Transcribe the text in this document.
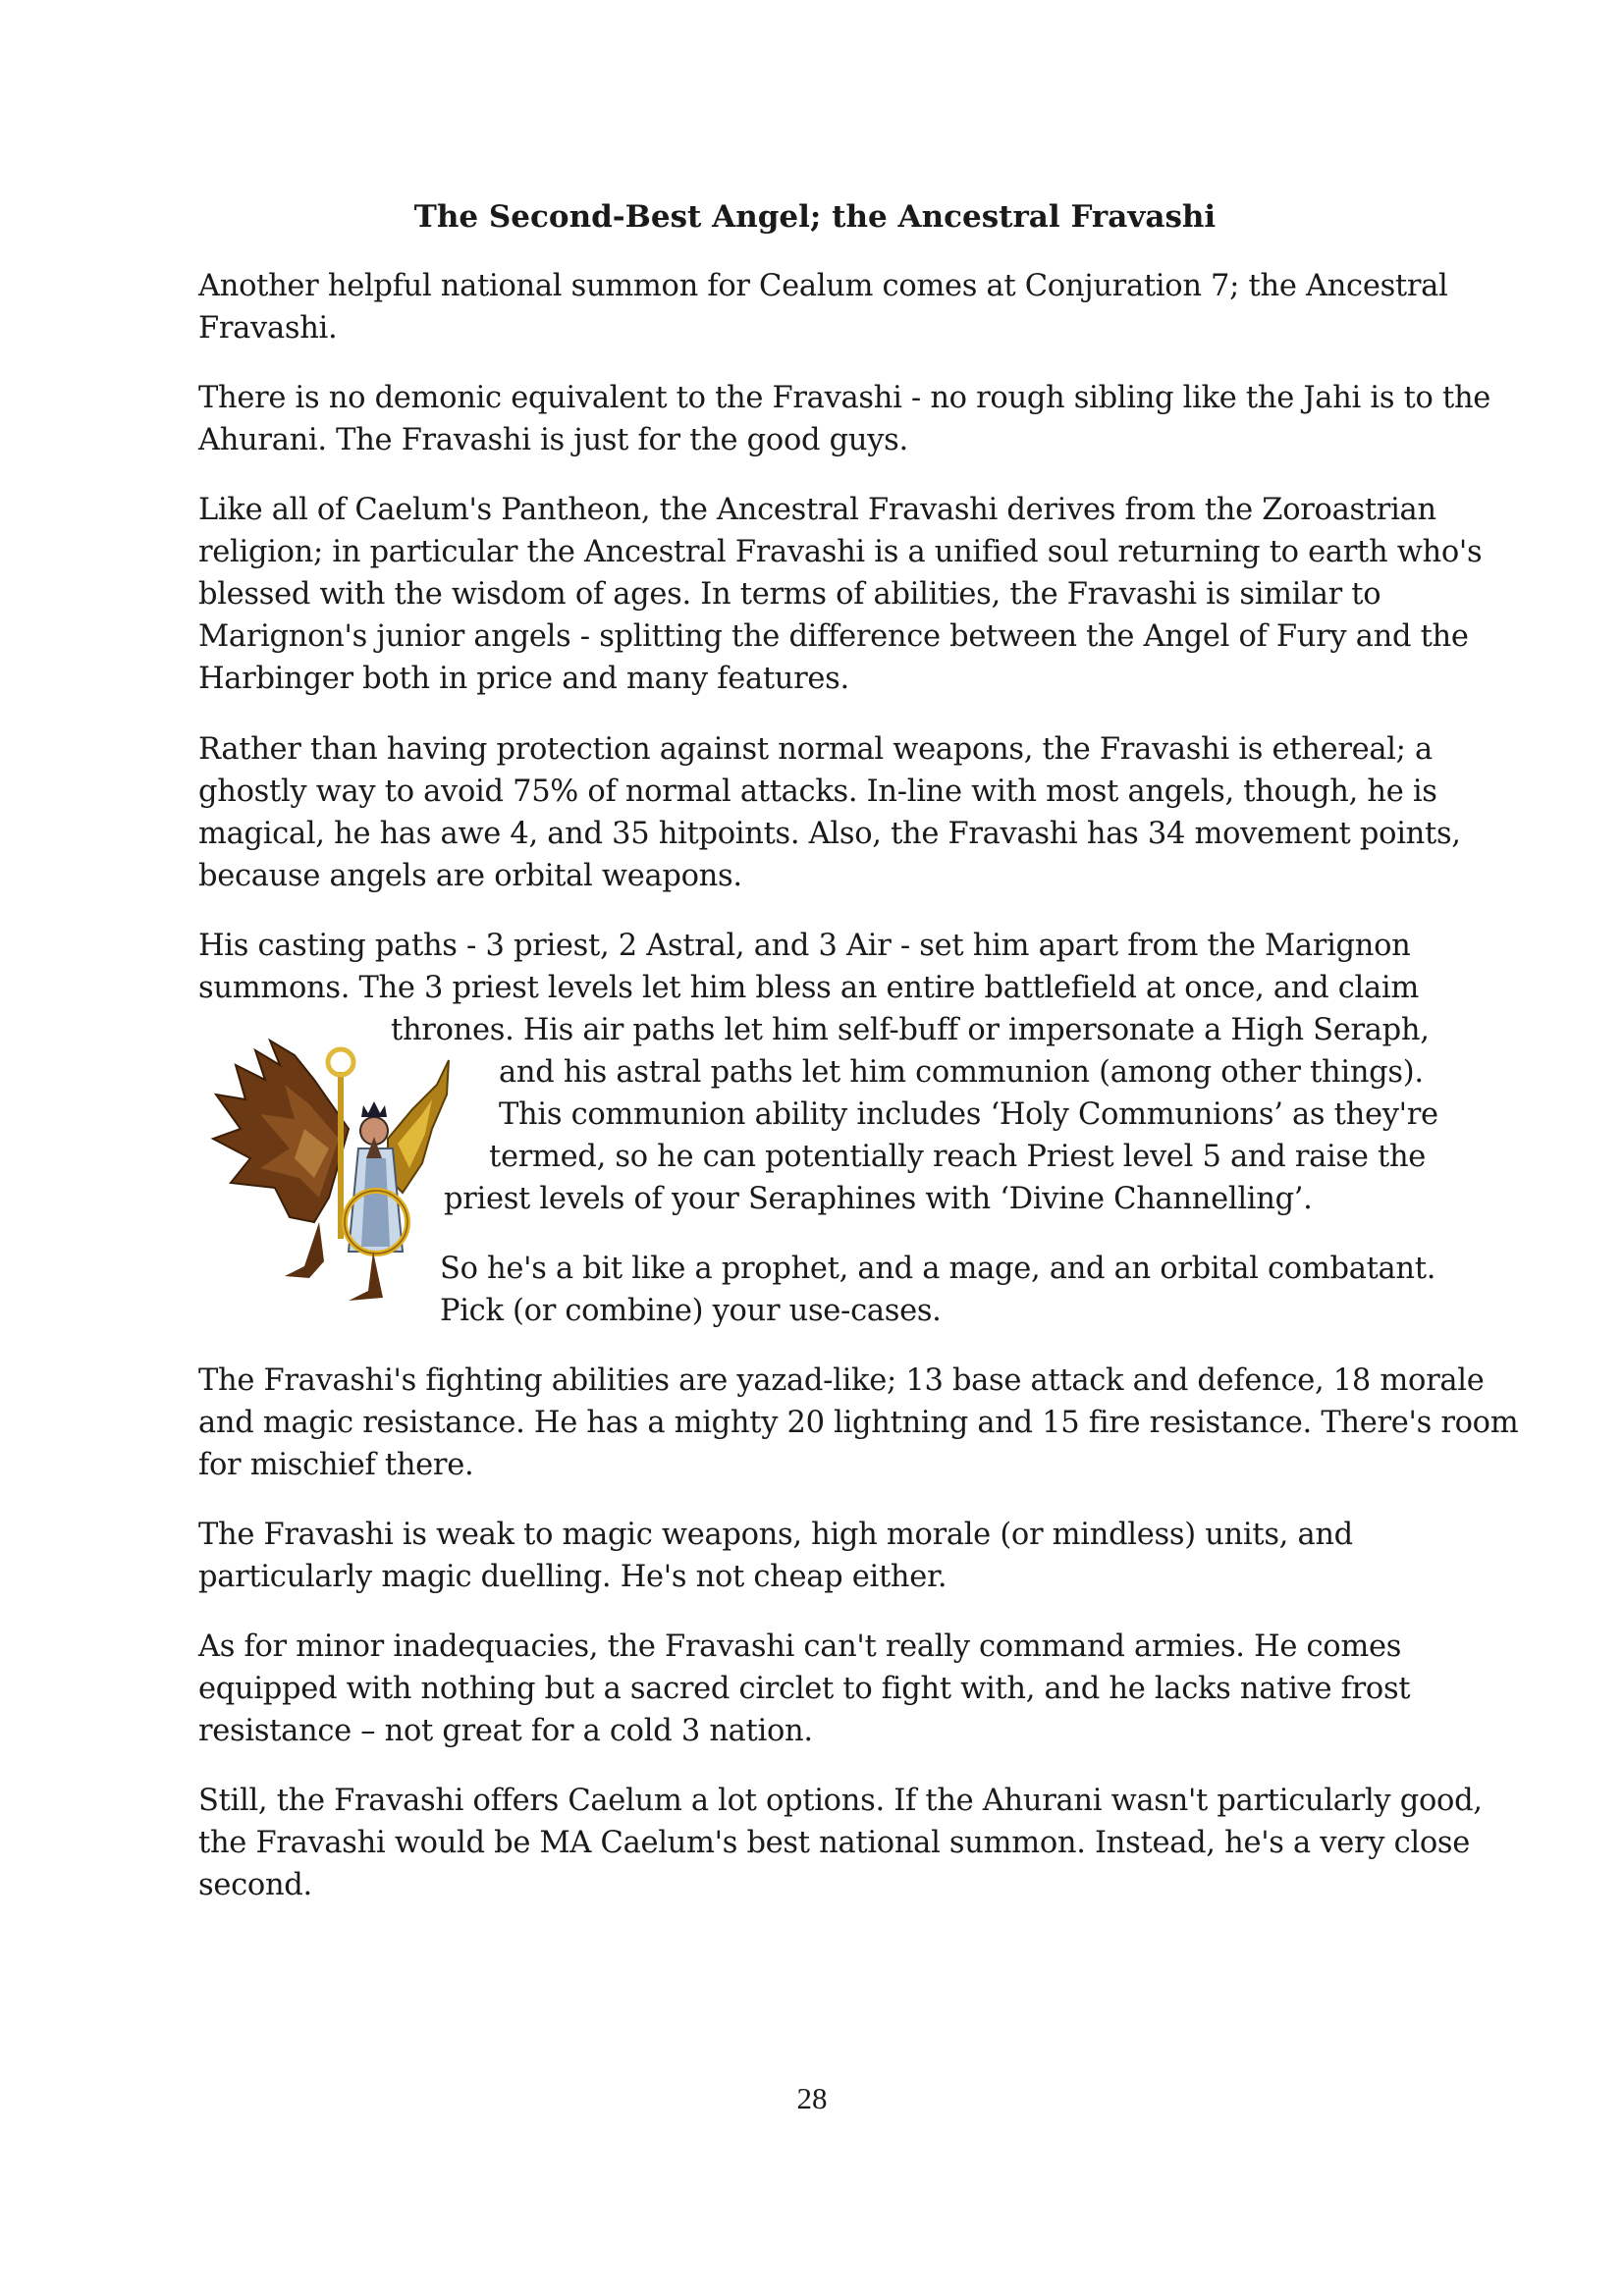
The Second-Best Angel; the Ancestral Fravashi
Another helpful national summon for Cealum comes at Conjuration 7; the Ancestral
Fravashi.
There is no demonic equivalent to the Fravashi - no rough sibling like the Jahi is to the
Ahurani. The Fravashi is just for the good guys.
Like all of Caelum's Pantheon, the Ancestral Fravashi derives from the Zoroastrian
religion; in particular the Ancestral Fravashi is a unified soul returning to earth who's
blessed with the wisdom of ages. In terms of abilities, the Fravashi is similar to
Marignon's junior angels - splitting the difference between the Angel of Fury and the
Harbinger both in price and many features.
Rather than having protection against normal weapons, the Fravashi is ethereal; a
ghostly way to avoid 75% of normal attacks. In-line with most angels, though, he is
magical, he has awe 4, and 35 hitpoints. Also, the Fravashi has 34 movement points,
because angels are orbital weapons.
His casting paths - 3 priest, 2 Astral, and 3 Air - set him apart from the Marignon
summons. The 3 priest levels let him bless an entire battlefield at once, and claim
thrones. His air paths let him self-buff or impersonate a High Seraph,
and his astral paths let him communion (among other things).
This communion ability includes ‘Holy Communions’ as they're
termed, so he can potentially reach Priest level 5 and raise the
priest levels of your Seraphines with ‘Divine Channelling’.
So he's a bit like a prophet, and a mage, and an orbital combatant.
Pick (or combine) your use-cases.
The Fravashi's fighting abilities are yazad-like; 13 base attack and defence, 18 morale
and magic resistance. He has a mighty 20 lightning and 15 fire resistance. There's room
for mischief there.
The Fravashi is weak to magic weapons, high morale (or mindless) units, and
particularly magic duelling. He's not cheap either.
As for minor inadequacies, the Fravashi can't really command armies. He comes
equipped with nothing but a sacred circlet to fight with, and he lacks native frost
resistance – not great for a cold 3 nation.
Still, the Fravashi offers Caelum a lot options. If the Ahurani wasn't particularly good,
the Fravashi would be MA Caelum's best national summon. Instead, he's a very close
second.
28
